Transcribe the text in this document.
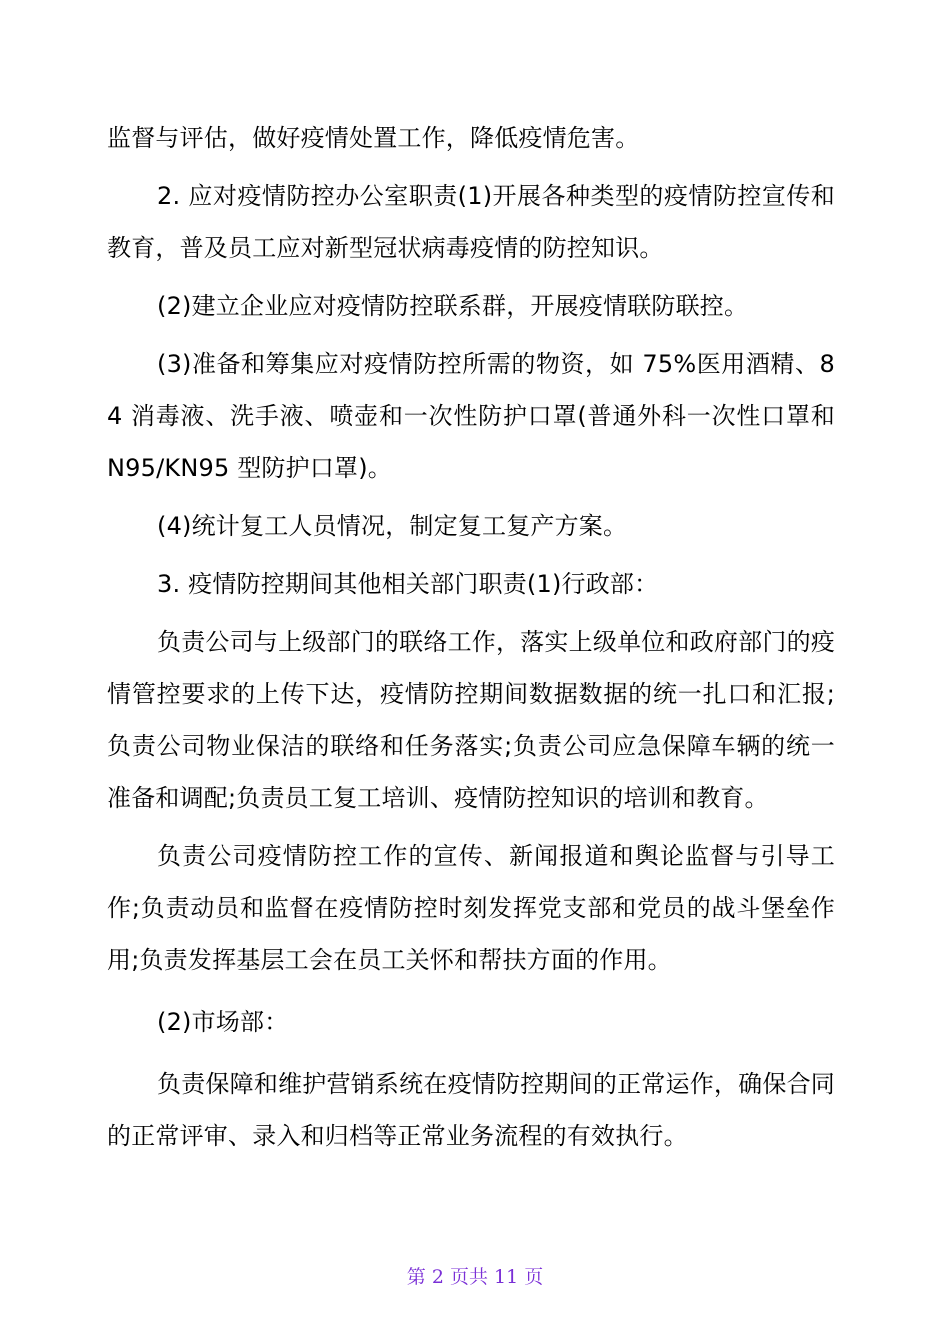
监督与评估，做好疫情处置工作，降低疫情危害。

2. 应对疫情防控办公室职责(1)开展各种类型的疫情防控宣传和教育，普及员工应对新型冠状病毒疫情的防控知识。

(2)建立企业应对疫情防控联系群，开展疫情联防联控。

(3)准备和筹集应对疫情防控所需的物资，如 75%医用酒精、84 消毒液、洗手液、喷壶和一次性防护口罩(普通外科一次性口罩和 N95/KN95 型防护口罩)。

(4)统计复工人员情况，制定复工复产方案。

3. 疫情防控期间其他相关部门职责(1)行政部：

负责公司与上级部门的联络工作，落实上级单位和政府部门的疫情管控要求的上传下达，疫情防控期间数据数据的统一扎口和汇报;负责公司物业保洁的联络和任务落实;负责公司应急保障车辆的统一准备和调配;负责员工复工培训、疫情防控知识的培训和教育。

负责公司疫情防控工作的宣传、新闻报道和舆论监督与引导工作;负责动员和监督在疫情防控时刻发挥党支部和党员的战斗堡垒作用;负责发挥基层工会在员工关怀和帮扶方面的作用。

(2)市场部：

负责保障和维护营销系统在疫情防控期间的正常运作，确保合同的正常评审、录入和归档等正常业务流程的有效执行。

第 2 页共 11 页
